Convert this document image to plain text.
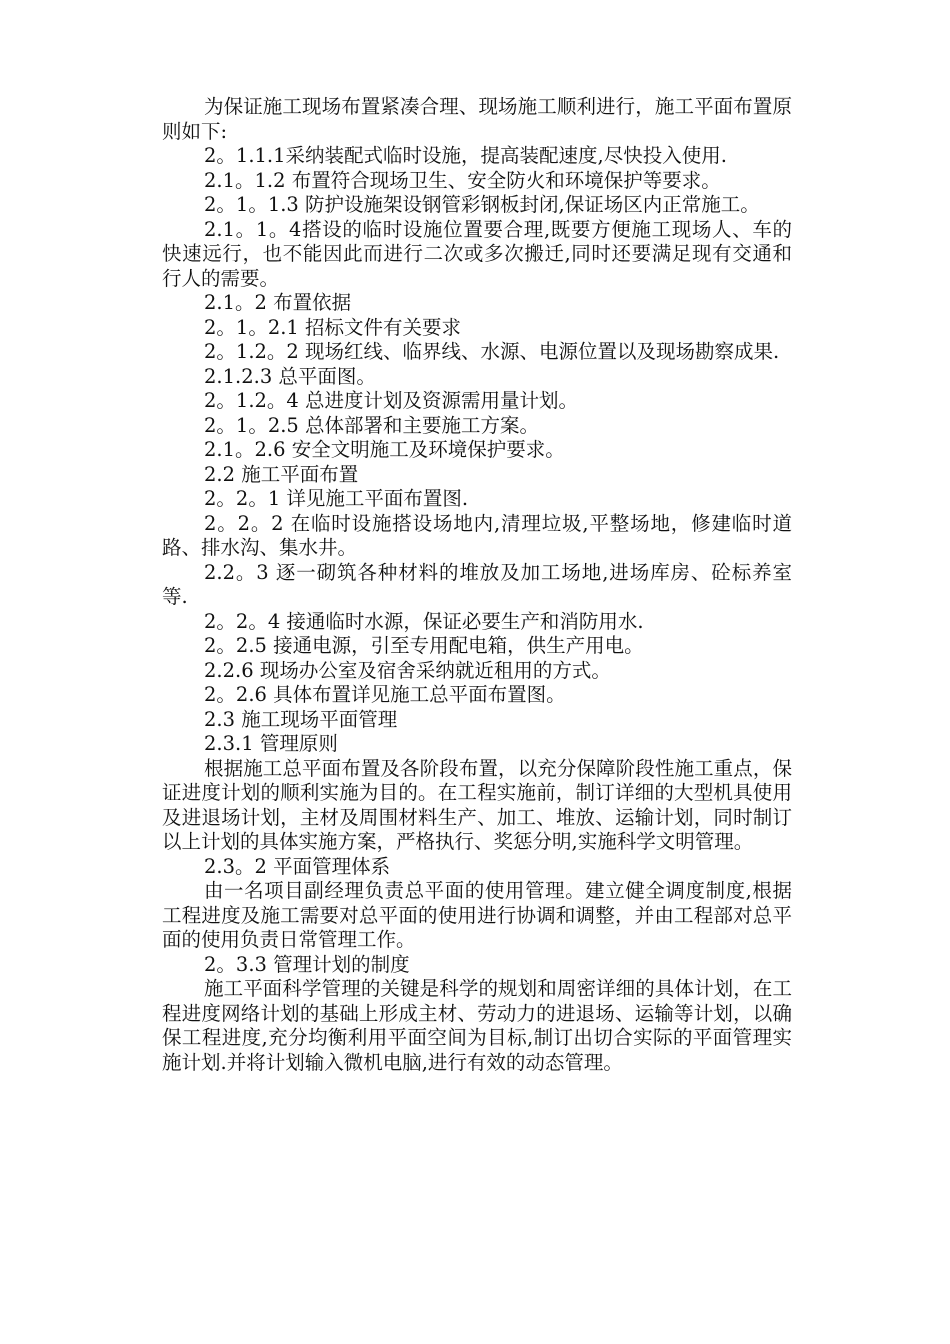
为保证施工现场布置紧凑合理、现场施工顺利进行，施工平面布置原则如下:

2。1.1.1采纳装配式临时设施，提高装配速度,尽快投入使用.

2.1。1.2 布置符合现场卫生、安全防火和环境保护等要求。

2。1。1.3 防护设施架设钢管彩钢板封闭,保证场区内正常施工。

2.1。1。4搭设的临时设施位置要合理,既要方便施工现场人、车的快速远行，也不能因此而进行二次或多次搬迁,同时还要满足现有交通和行人的需要。

2.1。2 布置依据

2。1。2.1 招标文件有关要求

2。1.2。2 现场红线、临界线、水源、电源位置以及现场勘察成果.

2.1.2.3 总平面图。

2。1.2。4 总进度计划及资源需用量计划。

2。1。2.5 总体部署和主要施工方案。

2.1。2.6 安全文明施工及环境保护要求。

2.2 施工平面布置

2。2。1 详见施工平面布置图.

2。2。2 在临时设施搭设场地内,清理垃圾,平整场地，修建临时道路、排水沟、集水井。

2.2。3 逐一砌筑各种材料的堆放及加工场地,进场库房、砼标养室等.

2。2。4 接通临时水源，保证必要生产和消防用水.

2。2.5 接通电源，引至专用配电箱，供生产用电。

2.2.6 现场办公室及宿舍采纳就近租用的方式。

2。2.6 具体布置详见施工总平面布置图。

2.3 施工现场平面管理

2.3.1 管理原则

根据施工总平面布置及各阶段布置，以充分保障阶段性施工重点，保证进度计划的顺利实施为目的。在工程实施前，制订详细的大型机具使用及进退场计划，主材及周围材料生产、加工、堆放、运输计划，同时制订以上计划的具体实施方案，严格执行、奖惩分明,实施科学文明管理。

2.3。2 平面管理体系

由一名项目副经理负责总平面的使用管理。建立健全调度制度,根据工程进度及施工需要对总平面的使用进行协调和调整，并由工程部对总平面的使用负责日常管理工作。

2。3.3 管理计划的制度

施工平面科学管理的关键是科学的规划和周密详细的具体计划，在工程进度网络计划的基础上形成主材、劳动力的进退场、运输等计划，以确保工程进度,充分均衡利用平面空间为目标,制订出切合实际的平面管理实施计划.并将计划输入微机电脑,进行有效的动态管理。
